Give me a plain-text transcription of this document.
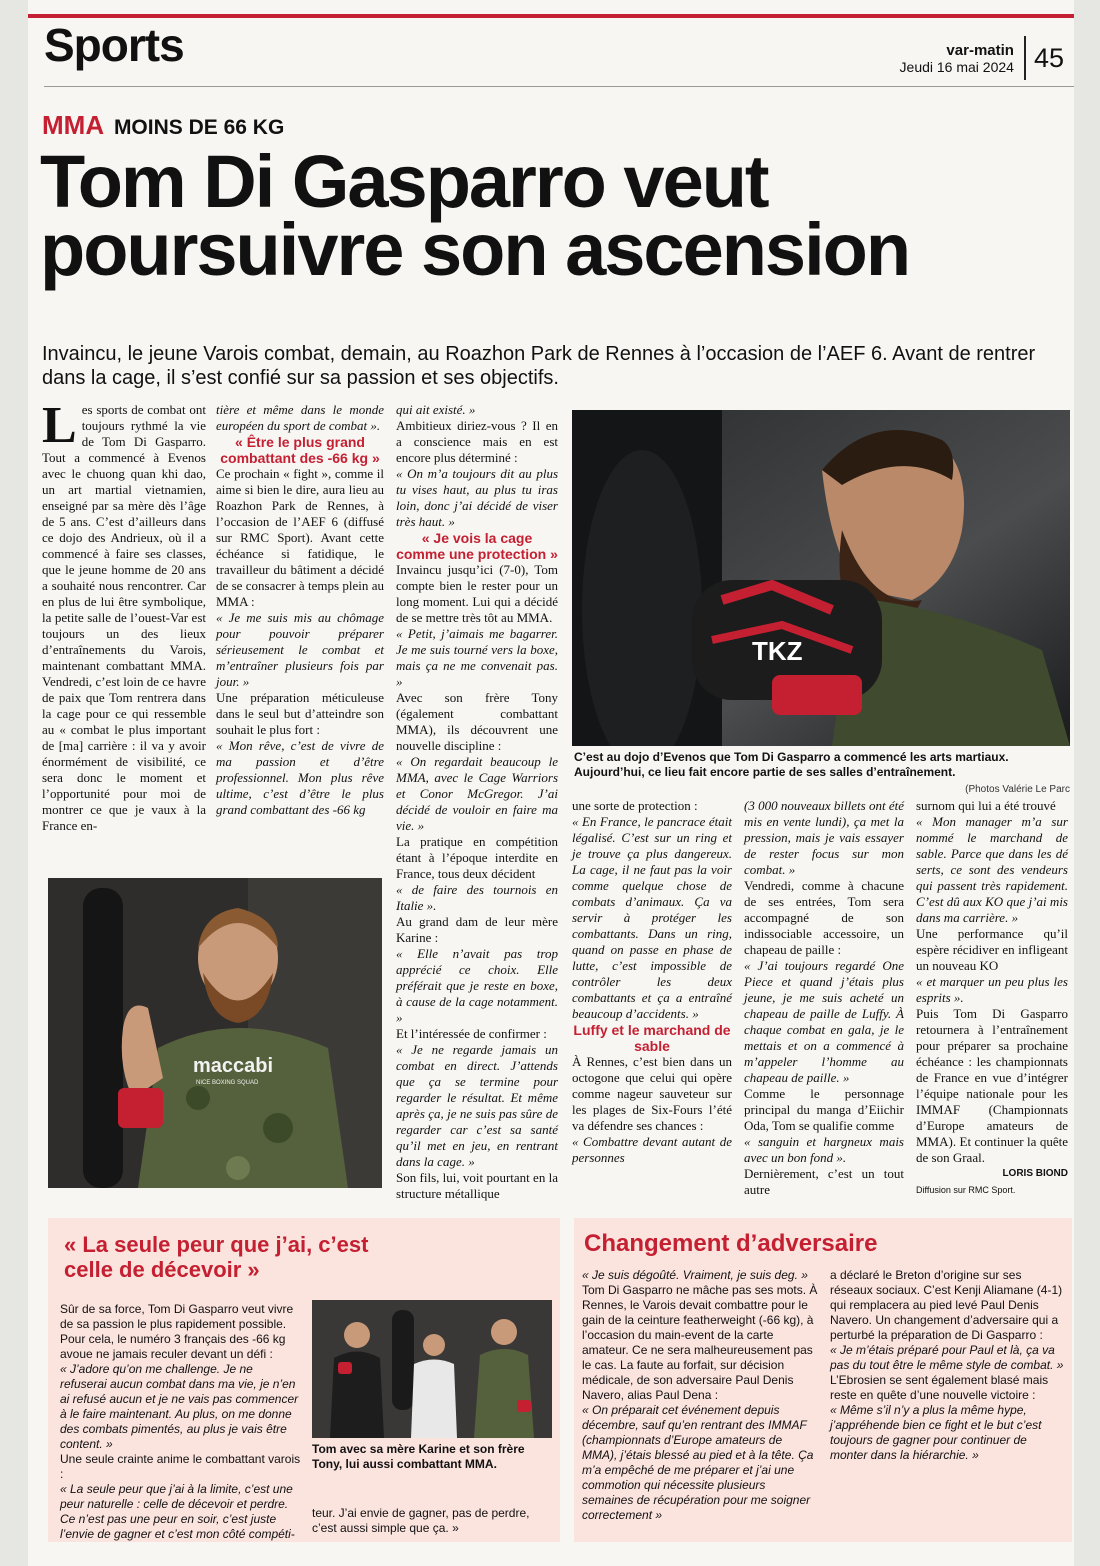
Sports	var-matin
Jeudi 16 mai 2024 45
MMA MOINS DE 66 KG
Tom Di Gasparro veut poursuivre son ascension

Invaincu, le jeune Varois combat, demain, au Roazhon Park de Rennes à l’occasion de l’AEF 6. Avant de rentrer dans la cage, il s’est confié sur sa passion et ses objectifs.

L es sports de combat ont toujours rythmé la vie de Tom Di Gasparro. Tout a commencé à Evenos avec le chuong quan khi dao, un art martial vietnamien, enseigné par sa mère dès l’âge de 5 ans. C’est d’ailleurs dans ce dojo des Andrieux, où il a commencé à faire ses classes, que le jeune homme de 20 ans a souhaité nous rencontrer. Car en plus de lui être symbolique, la petite salle de l’ouest-Var est toujours un des lieux d’entraînements du Varois, maintenant combattant MMA. Vendredi, c’est loin de ce havre de paix que Tom rentrera dans la cage pour ce qui ressemble au « combat le plus important de [ma] carrière : il va y avoir énormément de visibilité, ce sera donc le moment et l’opportunité pour moi de montrer ce que je vaux à la France en-

tière et même dans le monde européen du sport de combat ».

« Être le plus grand combattant des -66 kg »

Ce prochain « fight », comme il aime si bien le dire, aura lieu au Roazhon Park de Rennes, à l’occasion de l’AEF 6 (diffusé sur RMC Sport). Avant cette échéance si fatidique, le travailleur du bâtiment a décidé de se consacrer à temps plein au MMA :

« Je me suis mis au chômage pour pouvoir préparer sérieusement le combat et m’entraîner plusieurs fois par jour. »

Une préparation méticuleuse dans le seul but d’atteindre son souhait le plus fort :

« Mon rêve, c’est de vivre de ma passion et d’être professionnel. Mon plus rêve ultime, c’est d’être le plus grand combattant des -66 kg

qui ait existé. »

Ambitieux diriez-vous ? Il en a conscience mais en est encore plus déterminé :

« On m’a toujours dit au plus tu vises haut, au plus tu iras loin, donc j’ai décidé de viser très haut. »

« Je vois la cage comme une protection »

Invaincu jusqu’ici (7-0), Tom compte bien le rester pour un long moment. Lui qui a décidé de se mettre très tôt au MMA.

« Petit, j’aimais me bagarrer. Je me suis tourné vers la boxe, mais ça ne me convenait pas. »

Avec son frère Tony (également combattant MMA), ils découvrent une nouvelle discipline :

« On regardait beaucoup le MMA, avec le Cage Warriors et Conor McGregor. J’ai décidé de vouloir en faire ma vie. »

La pratique en compétition étant à l’époque interdite en France, tous deux décident

« de faire des tournois en Italie ».

Au grand dam de leur mère Karine :

« Elle n’avait pas trop apprécié ce choix. Elle préférait que je reste en boxe, à cause de la cage notamment. »

Et l’intéressée de confirmer :

« Je ne regarde jamais un combat en direct. J’attends que ça se termine pour regarder le résultat. Et même après ça, je ne suis pas sûre de regarder car c’est sa santé qu’il met en jeu, en rentrant dans la cage. »

Son fils, lui, voit pourtant en la structure métallique

TKZ

C’est au dojo d’Evenos que Tom Di Gasparro a commencé les arts martiaux. Aujourd’hui, ce lieu fait encore partie de ses salles d’entraînement.

(Photos Valérie Le Parc
maccabi
NICE BOXING SQUAD

une sorte de protection :

« En France, le pancrace était légalisé. C’est sur un ring et je trouve ça plus dangereux. La cage, il ne faut pas la voir comme quelque chose de combats d’animaux. Ça va servir à protéger les combattants. Dans un ring, quand on passe en phase de lutte, c’est impossible de contrôler les deux combattants et ça a entraîné beaucoup d’accidents. »

Luffy et le marchand de sable

À Rennes, c’est bien dans un octogone que celui qui opère comme nageur sauveteur sur les plages de Six-Fours l’été va défendre ses chances :

« Combattre devant autant de personnes

(3 000 nouveaux billets ont été mis en vente lundi), ça met la pression, mais je vais essayer de rester focus sur mon combat. »

Vendredi, comme à chacune de ses entrées, Tom sera accompagné de son indissociable accessoire, un chapeau de paille :

« J’ai toujours regardé One Piece et quand j’étais plus jeune, je me suis acheté un chapeau de paille de Luffy. À chaque combat en gala, je le mettais et on a commencé à m’appeler l’homme au chapeau de paille. »

Comme le personnage principal du manga d’Eiichir Oda, Tom se qualifie comme

« sanguin et hargneux mais avec un bon fond ».

Dernièrement, c’est un tout autre

surnom qui lui a été trouvé

« Mon manager m’a sur nommé le marchand de sable. Parce que dans les dé serts, ce sont des vendeurs qui passent très rapidement. C’est dû aux KO que j’ai mis dans ma carrière. »

Une performance qu’il espère récidiver en infligeant un nouveau KO

« et marquer un peu plus les esprits ».

Puis Tom Di Gasparro retournera à l’entraînement pour préparer sa prochaine échéance : les championnats de France en vue d’intégrer l’équipe nationale pour les IMMAF (Championnats d’Europe amateurs de MMA). Et continuer la quête de son Graal.

LORIS BIOND

Diffusion sur RMC Sport.

« La seule peur que j’ai, c’est celle de décevoir »

Sûr de sa force, Tom Di Gasparro veut vivre de sa passion le plus rapidement possible. Pour cela, le numéro 3 français des -66 kg avoue ne jamais reculer devant un défi :

« J’adore qu’on me challenge. Je ne refuserai aucun combat dans ma vie, je n’en ai refusé aucun et je ne vais pas commencer à le faire maintenant. Au plus, on me donne des combats pimentés, au plus je vais être content. »

Une seule crainte anime le combattant varois :

« La seule peur que j’ai à la limite, c’est une peur naturelle : celle de décevoir et perdre. Ce n’est pas une peur en soir, c’est juste l’envie de gagner et c’est mon côté compéti-

Tom avec sa mère Karine et son frère Tony, lui aussi combattant MMA.

teur. J’ai envie de gagner, pas de perdre, c’est aussi simple que ça. »

Changement d’adversaire

« Je suis dégoûté. Vraiment, je suis deg. »

Tom Di Gasparro ne mâche pas ses mots. À Rennes, le Varois devait combattre pour le gain de la ceinture featherweight (-66 kg), à l’occasion du main-event de la carte amateur. Ce ne sera malheureusement pas le cas. La faute au forfait, sur décision médicale, de son adversaire Paul Denis Navero, alias Paul Dena :

« On préparait cet événement depuis décembre, sauf qu’en rentrant des IMMAF (championnats d’Europe amateurs de MMA), j’étais blessé au pied et à la tête. Ça m’a empêché de me préparer et j’ai une commotion qui nécessite plusieurs semaines de récupération pour me soigner correctement »

a déclaré le Breton d’origine sur ses réseaux sociaux. C’est Kenji Aliamane (4-1) qui remplacera au pied levé Paul Denis Navero. Un changement d’adversaire qui a perturbé la préparation de Di Gasparro :

« Je m’étais préparé pour Paul et là, ça va pas du tout être le même style de combat. »

L’Ebrosien se sent également blasé mais reste en quête d’une nouvelle victoire :

« Même s’il n’y a plus la même hype, j’appréhende bien ce fight et le but c’est toujours de gagner pour continuer de monter dans la hiérarchie. »
